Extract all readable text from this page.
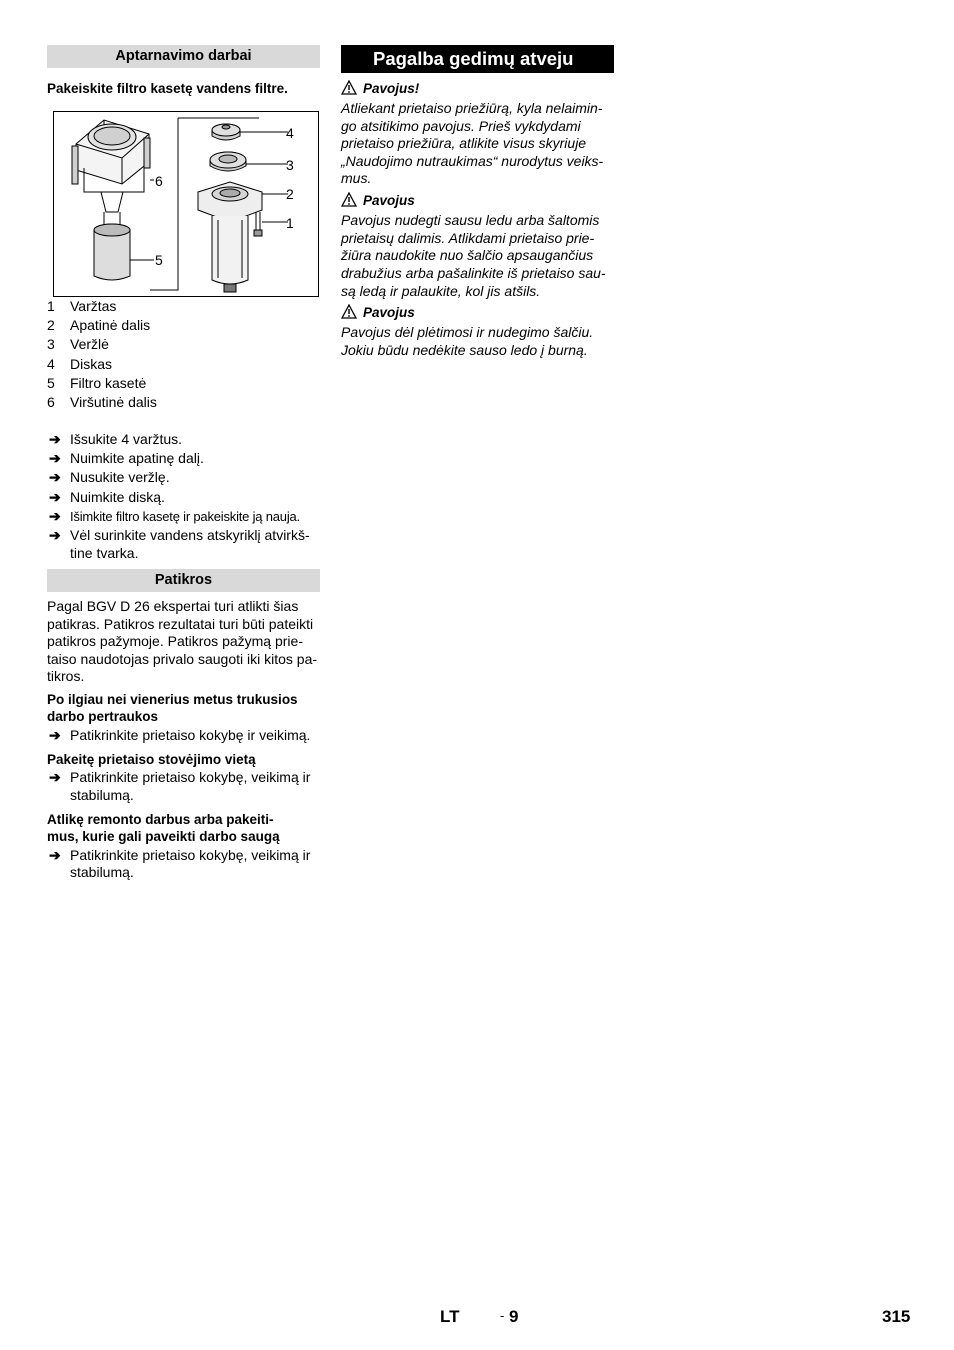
Aptarnavimo darbai
Pakeiskite filtro kasetę vandens filtre.
4
3
2
1
6
5
1 Varžtas
2 Apatinė dalis
3 Veržlė
4 Diskas
5 Filtro kasetė
6 Viršutinė dalis
➔ Išsukite 4 varžtus.
➔ Nuimkite apatinę dalį.
➔ Nusukite veržlę.
➔ Nuimkite diską.
➔ Išimkite filtro kasetę ir pakeiskite ją nauja.
➔ Vėl surinkite vandens atskyriklį atvirkš-
tine tvarka.
Patikros
Pagal BGV D 26 ekspertai turi atlikti šias
patikras. Patikros rezultatai turi būti pateikti
patikros pažymoje. Patikros pažymą prie-
taiso naudotojas privalo saugoti iki kitos pa-
tikros.
Po ilgiau nei vienerius metus trukusios
darbo pertraukos
➔ Patikrinkite prietaiso kokybę ir veikimą.
Pakeitę prietaiso stovėjimo vietą
➔ Patikrinkite prietaiso kokybę, veikimą ir
stabilumą.
Atlikę remonto darbus arba pakeiti-
mus, kurie gali paveikti darbo saugą
➔ Patikrinkite prietaiso kokybę, veikimą ir
stabilumą.
Pagalba gedimų atveju
Pavojus!
Atliekant prietaiso priežiūrą, kyla nelaimin-
go atsitikimo pavojus. Prieš vykdydami
prietaiso priežiūra, atlikite visus skyriuje
„Naudojimo nutraukimas“ nurodytus veiks-
mus.
Pavojus
Pavojus nudegti sausu ledu arba šaltomis
prietaisų dalimis. Atlikdami prietaiso prie-
žiūra naudokite nuo šalčio apsaugančius
drabužius arba pašalinkite iš prietaiso sau-
są ledą ir palaukite, kol jis atšils.
Pavojus
Pavojus dėl plėtimosi ir nudegimo šalčiu.
Jokiu būdu nedėkite sauso ledo į burną.
LT	- 9	315
